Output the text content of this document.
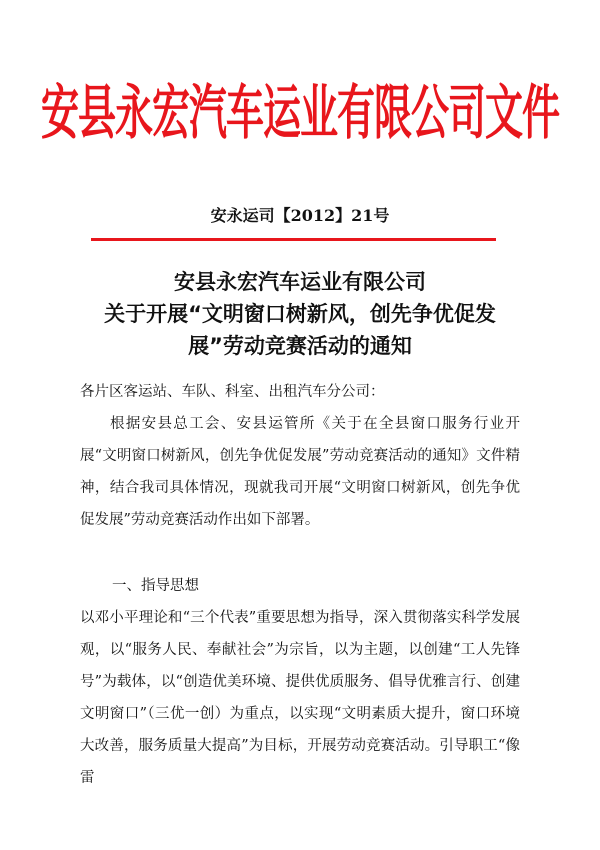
安县永宏汽车运业有限公司文件
安永运司【2012】21号
安县永宏汽车运业有限公司
关于开展“文明窗口树新风，创先争优促发
展”劳动竞赛活动的通知
各片区客运站、车队、科室、出租汽车分公司：
根据安县总工会、安县运管所《关于在全县窗口服务行业开展“文明窗口树新风，创先争优促发展”劳动竞赛活动的通知》文件精神，结合我司具体情况，现就我司开展“文明窗口树新风，创先争优促发展”劳动竞赛活动作出如下部署。
一、指导思想
以邓小平理论和“三个代表”重要思想为指导，深入贯彻落实科学发展观，以“服务人民、奉献社会”为宗旨，以为主题，以创建“工人先锋号”为载体，以“创造优美环境、提供优质服务、倡导优雅言行、创建文明窗口”（三优一创）为重点，以实现“文明素质大提升，窗口环境大改善，服务质量大提高”为目标，开展劳动竞赛活动。引导职工“像雷
